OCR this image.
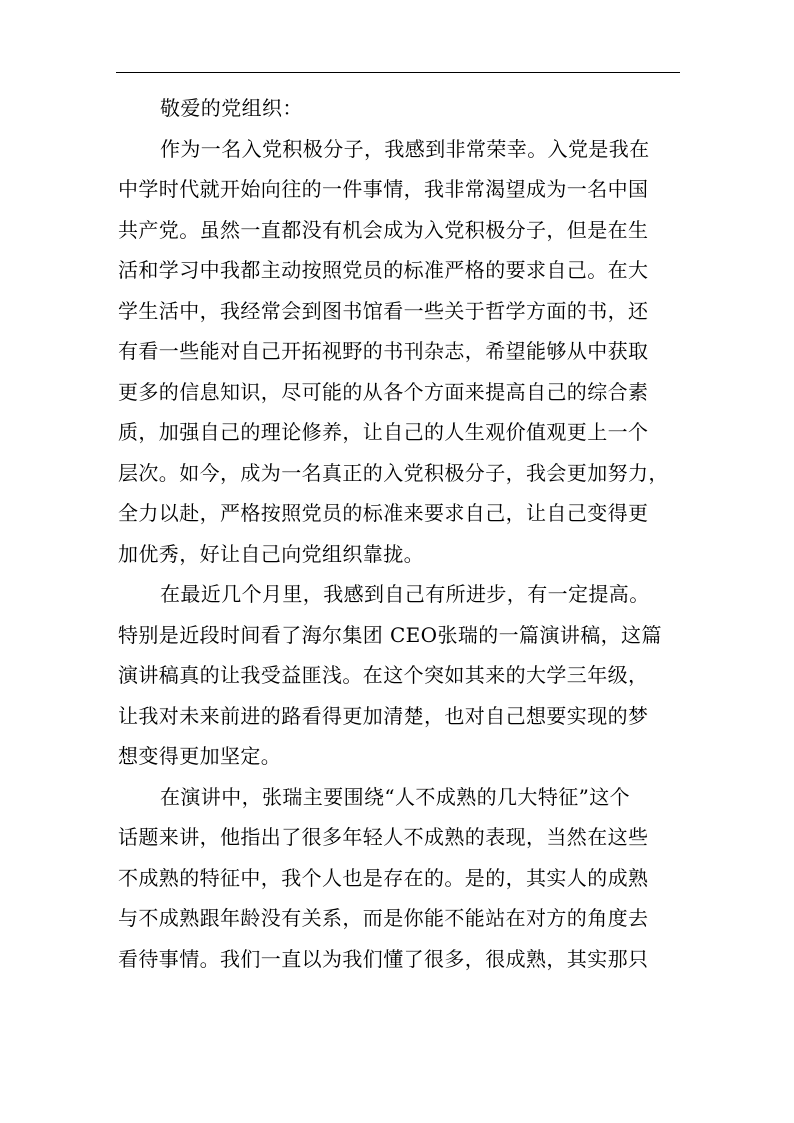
敬爱的党组织：
作为一名入党积极分子，我感到非常荣幸。入党是我在
中学时代就开始向往的一件事情，我非常渴望成为一名中国
共产党。虽然一直都没有机会成为入党积极分子，但是在生
活和学习中我都主动按照党员的标准严格的要求自己。在大
学生活中，我经常会到图书馆看一些关于哲学方面的书，还
有看一些能对自己开拓视野的书刊杂志，希望能够从中获取
更多的信息知识，尽可能的从各个方面来提高自己的综合素
质，加强自己的理论修养，让自己的人生观价值观更上一个
层次。如今，成为一名真正的入党积极分子，我会更加努力，
全力以赴，严格按照党员的标准来要求自己，让自己变得更
加优秀，好让自己向党组织靠拢。
在最近几个月里，我感到自己有所进步，有一定提高。
特别是近段时间看了海尔集团 CEO张瑞的一篇演讲稿，这篇
演讲稿真的让我受益匪浅。在这个突如其来的大学三年级，
让我对未来前进的路看得更加清楚，也对自己想要实现的梦
想变得更加坚定。
在演讲中，张瑞主要围绕“人不成熟的几大特征”这个
话题来讲，他指出了很多年轻人不成熟的表现，当然在这些
不成熟的特征中，我个人也是存在的。是的，其实人的成熟
与不成熟跟年龄没有关系，而是你能不能站在对方的角度去
看待事情。我们一直以为我们懂了很多，很成熟，其实那只
